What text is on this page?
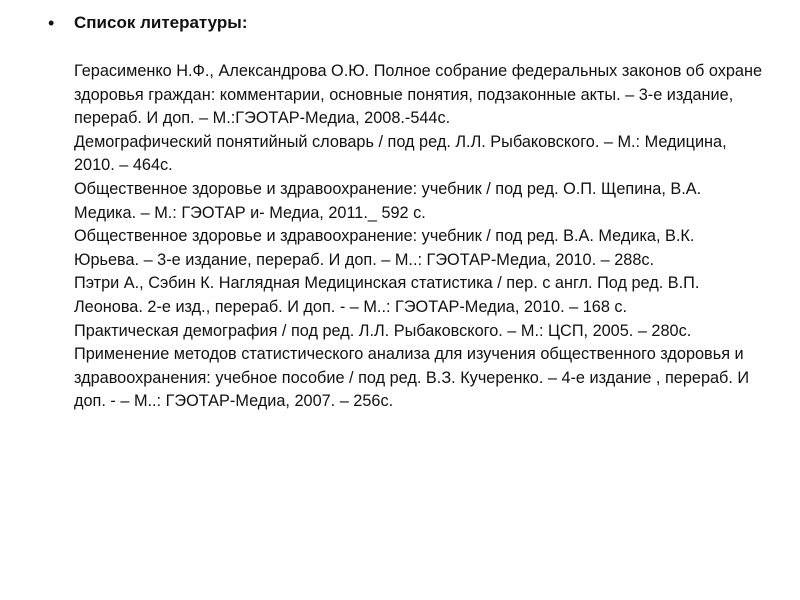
• Список литературы:
Герасименко Н.Ф., Александрова О.Ю. Полное собрание федеральных законов об охране здоровья граждан: комментарии, основные понятия, подзаконные акты. – 3-е издание, перераб. И доп. – М.:ГЭОТАР-Медиа, 2008.-544с.
Демографический понятийный словарь / под ред. Л.Л. Рыбаковского. – М.: Медицина, 2010. – 464с.
Общественное здоровье и здравоохранение: учебник / под ред. О.П. Щепина, В.А. Медика. – М.: ГЭОТАР и- Медиа, 2011._ 592 с.
Общественное здоровье и здравоохранение: учебник / под ред. В.А. Медика, В.К. Юрьева. – 3-е издание, перераб. И доп. – М..: ГЭОТАР-Медиа, 2010. – 288с.
Пэтри А., Сэбин К. Наглядная Медицинская статистика / пер. с англ. Под ред. В.П. Леонова. 2-е изд., перераб. И доп. - – М..: ГЭОТАР-Медиа, 2010. – 168 с.
Практическая демография / под ред. Л.Л. Рыбаковского. – М.: ЦСП, 2005. – 280с.
Применение методов статистического анализа для изучения общественного здоровья и здравоохранения: учебное пособие / под ред. В.З. Кучеренко. – 4-е издание , перераб. И доп. - – М..: ГЭОТАР-Медиа, 2007. – 256с.
